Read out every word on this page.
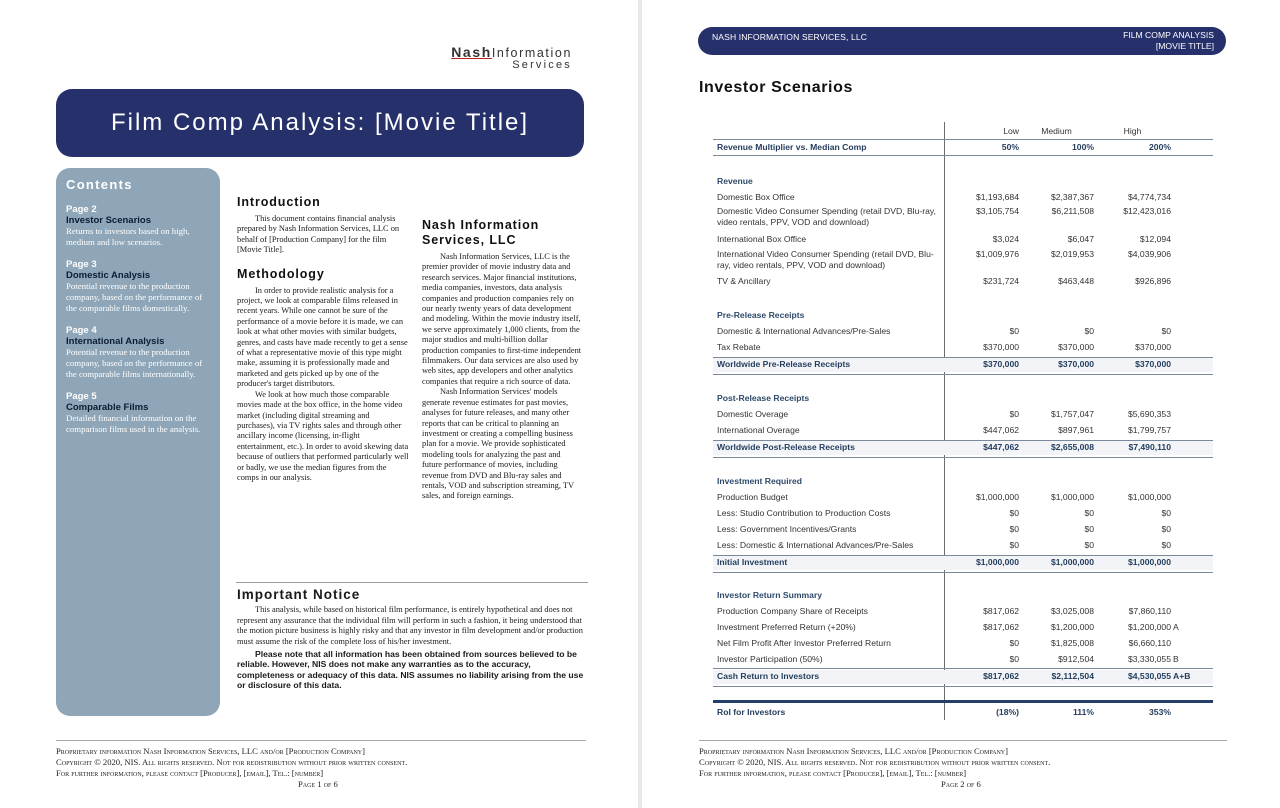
NashInformation
Services
Film Comp Analysis: [Movie Title]
Contents
Page 2
Investor Scenarios
Returns to investors based on high, medium and low scenarios.
Page 3
Domestic Analysis
Potential revenue to the production company, based on the performance of the comparable films domestically.
Page 4
International Analysis
Potential revenue to the production company, based on the performance of the comparable films internationally.
Page 5
Comparable Films
Detailed financial information on the comparison films used in the analysis.
Introduction

This document contains financial analysis prepared by Nash Information Services, LLC on behalf of [Production Company] for the film [Movie Title].

Methodology

In order to provide realistic analysis for a project, we look at comparable films released in recent years. While one cannot be sure of the performance of a movie before it is made, we can look at what other movies with similar budgets, genres, and casts have made recently to get a sense of what a representative movie of this type might make, assuming it is professionally made and marketed and gets picked up by one of the producer's target distributors.

We look at how much those comparable movies made at the box office, in the home video market (including digital streaming and purchases), via TV rights sales and through other ancillary income (licensing, in-flight entertainment, etc.). In order to avoid skewing data because of outliers that performed particularly well or badly, we use the median figures from the comps in our analysis.

Nash Information Services, LLC

Nash Information Services, LLC is the premier provider of movie industry data and research services. Major financial institutions, media companies, investors, data analysis companies and production companies rely on our nearly twenty years of data development and modeling. Within the movie industry itself, we serve approximately 1,000 clients, from the major studios and multi-billion dollar production companies to first-time independent filmmakers. Our data services are also used by web sites, app developers and other analytics companies that require a rich source of data.

Nash Information Services' models generate revenue estimates for past movies, analyses for future releases, and many other reports that can be critical to planning an investment or creating a compelling business plan for a movie. We provide sophisticated modeling tools for analyzing the past and future performance of movies, including revenue from DVD and Blu-ray sales and rentals, VOD and subscription streaming, TV sales, and foreign earnings.

Important Notice

This analysis, while based on historical film performance, is entirely hypothetical and does not represent any assurance that the individual film will perform in such a fashion, it being understood that the motion picture business is highly risky and that any investor in film development and/or production must assume the risk of the complete loss of his/her investment.

Please note that all information has been obtained from sources believed to be reliable. However, NIS does not make any warranties as to the accuracy, completeness or adequacy of this data. NIS assumes no liability arising from the use or disclosure of this data.

Proprietary information Nash Information Services, LLC and/or [Production Company]
Copyright © 2020, NIS. All rights reserved. Not for redistribution without prior written consent.
For further information, please contact [Producer], [email], Tel.: [number]
Page 1 of 6
NASH INFORMATION SERVICES, LLC	FILM COMP ANALYSIS
[MOVIE TITLE]
Investor Scenarios
Low	Medium	High
Revenue Multiplier vs. Median Comp	50%	100%	200%
Revenue
Domestic Box Office	$1,193,684	$2,387,367	$4,774,734
Domestic Video Consumer Spending (retail DVD, Blu-ray, video rentals, PPV, VOD and download)
$3,105,754	$6,211,508	$12,423,016
International Box Office	$3,024	$6,047	$12,094
International Video Consumer Spending (retail DVD, Blu-ray, video rentals, PPV, VOD and download)
$1,009,976	$2,019,953	$4,039,906
TV & Ancillary	$231,724	$463,448	$926,896
Pre-Release Receipts
Domestic & International Advances/Pre-Sales	$0	$0	$0
Tax Rebate	$370,000	$370,000	$370,000
Worldwide Pre-Release Receipts	$370,000	$370,000	$370,000
Post-Release Receipts
Domestic Overage	$0	$1,757,047	$5,690,353
International Overage	$447,062	$897,961	$1,799,757
Worldwide Post-Release Receipts	$447,062	$2,655,008	$7,490,110
Investment Required
Production Budget	$1,000,000	$1,000,000	$1,000,000
Less: Studio Contribution to Production Costs	$0	$0	$0
Less: Government Incentives/Grants	$0	$0	$0
Less: Domestic & International Advances/Pre-Sales	$0	$0	$0
Initial Investment	$1,000,000	$1,000,000	$1,000,000
Investor Return Summary
Production Company Share of Receipts	$817,062	$3,025,008	$7,860,110
Investment Preferred Return (+20%)	$817,062	$1,200,000	$1,200,000 A
Net Film Profit After Investor Preferred Return	$0	$1,825,008	$6,660,110
Investor Participation (50%)	$0	$912,504	$3,330,055 B
Cash Return to Investors	$817,062	$2,112,504	$4,530,055 A+B
RoI for Investors	(18%)	111%	353%
Proprietary information Nash Information Services, LLC and/or [Production Company]
Copyright © 2020, NIS. All rights reserved. Not for redistribution without prior written consent.
For further information, please contact [Producer], [email], Tel.: [number]
Page 2 of 6
